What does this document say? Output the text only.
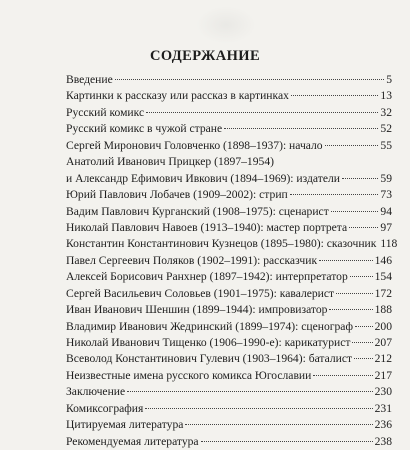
СОДЕРЖАНИЕ
Введение	5
Картинки к рассказу или рассказ в картинках	13
Русский комикс	32
Русский комикс в чужой стране	52
Сергей Миронович Головченко (1898–1937): начало	55
Анатолий Иванович Прицкер (1897–1954)
и Александр Ефимович Ивкович (1894–1969): издатели	59
Юрий Павлович Лобачев (1909–2002): стрип	73
Вадим Павлович Курганский (1908–1975): сценарист	94
Николай Павлович Навоев (1913–1940): мастер портрета	97
Константин Константинович Кузнецов (1895–1980): сказочник 118
Павел Сергеевич Поляков (1902–1991): рассказчик	146
Алексей Борисович Ранхнер (1897–1942): интерпретатор 154
Сергей Васильевич Соловьев (1901–1975): кавалерист	172
Иван Иванович Шеншин (1899–1944): импровизатор	188
Владимир Иванович Жедринский (1899–1974): сценограф 200
Николай Иванович Тищенко (1906–1990-е): карикатурист 207
Всеволод Константинович Гулевич (1903–1964): баталист 212
Неизвестные имена русского комикса Югославии	217
Заключение	230
Комиксография	231
Цитируемая литература	236
Рекомендуемая литература	238
